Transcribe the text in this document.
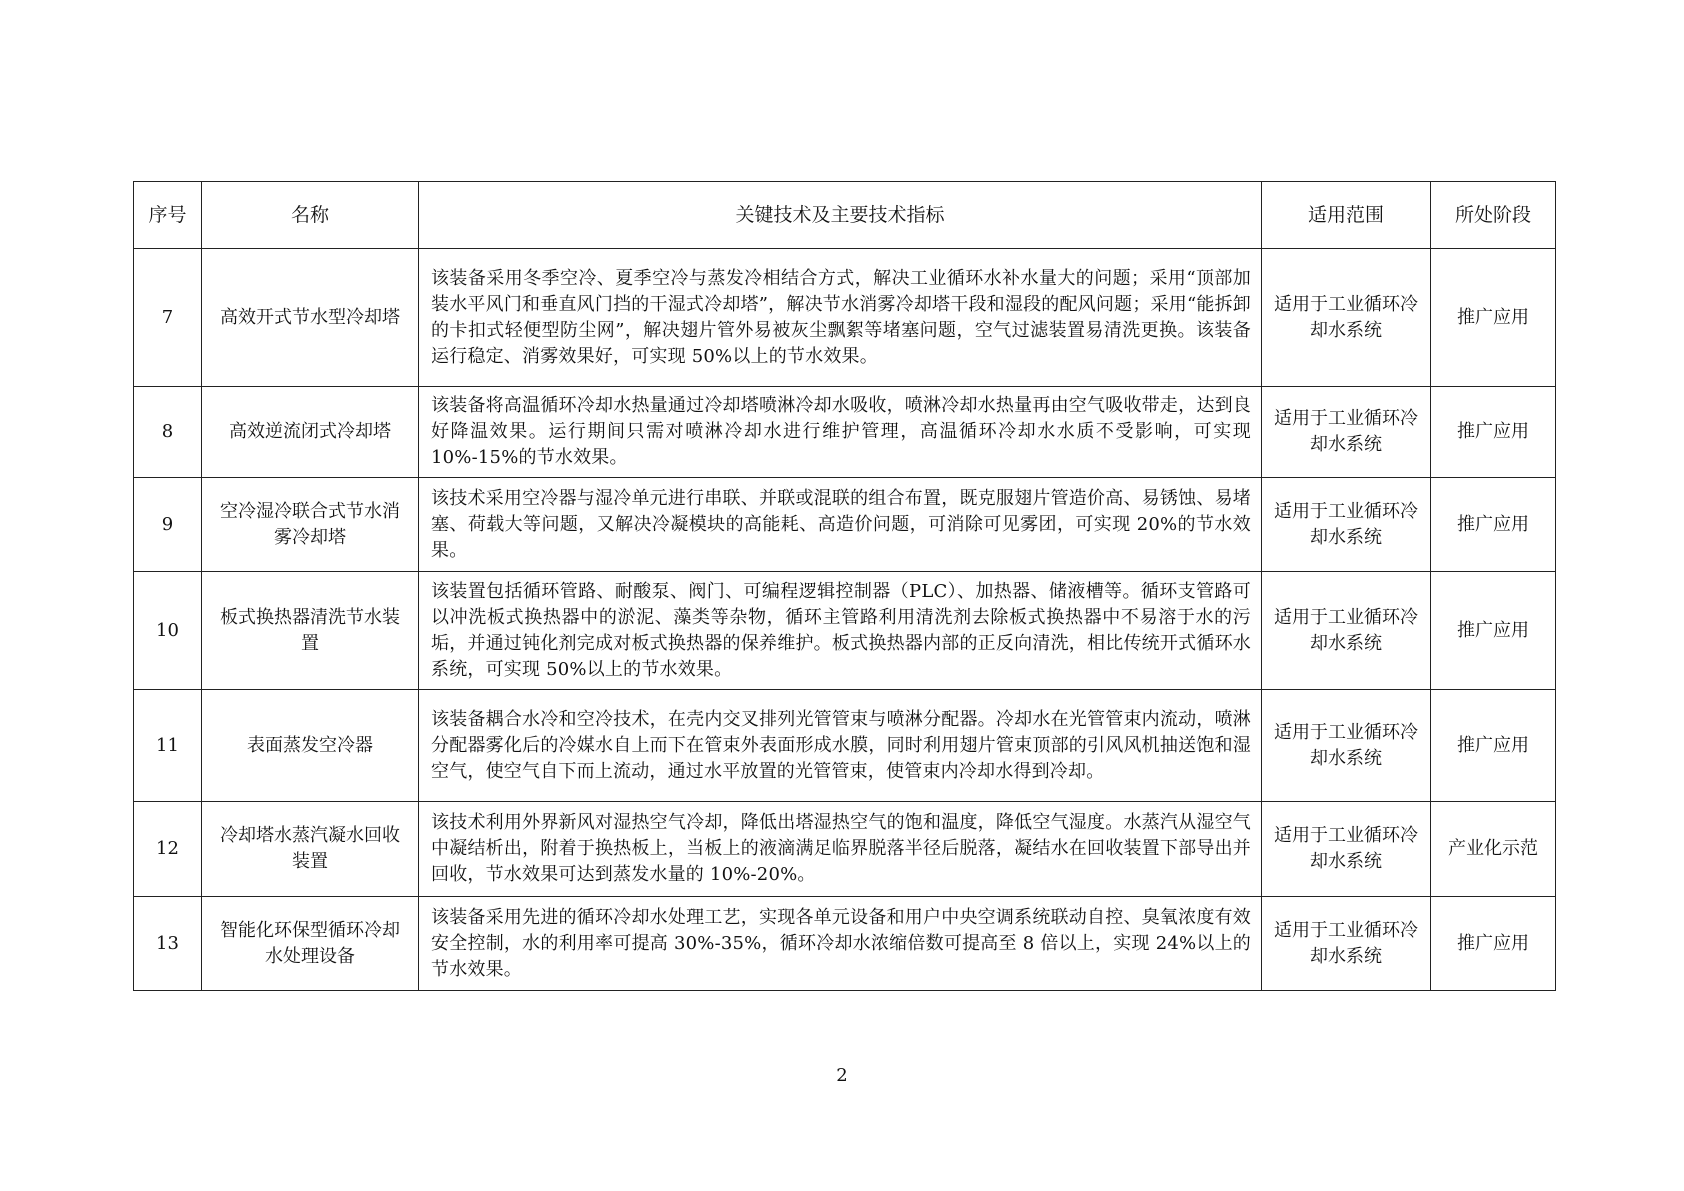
序号	名称	关键技术及主要技术指标	适用范围	所处阶段
7	高效开式节水型冷却塔	该装备采用冬季空冷、夏季空冷与蒸发冷相结合方式，解决工业循环水补水量大的问题；采用“顶部加装水平风门和垂直风门挡的干湿式冷却塔”，解决节水消雾冷却塔干段和湿段的配风问题；采用“能拆卸的卡扣式轻便型防尘网”，解决翅片管外易被灰尘飘絮等堵塞问题，空气过滤装置易清洗更换。该装备运行稳定、消雾效果好，可实现 50%以上的节水效果。	适用于工业循环冷却水系统	推广应用
8	高效逆流闭式冷却塔	该装备将高温循环冷却水热量通过冷却塔喷淋冷却水吸收，喷淋冷却水热量再由空气吸收带走，达到良好降温效果。运行期间只需对喷淋冷却水进行维护管理，高温循环冷却水水质不受影响，可实现 10%-15%的节水效果。	适用于工业循环冷却水系统	推广应用
9	空冷湿冷联合式节水消雾冷却塔	该技术采用空冷器与湿冷单元进行串联、并联或混联的组合布置，既克服翅片管造价高、易锈蚀、易堵塞、荷载大等问题，又解决冷凝模块的高能耗、高造价问题，可消除可见雾团，可实现 20%的节水效果。	适用于工业循环冷却水系统	推广应用
10	板式换热器清洗节水装置	该装置包括循环管路、耐酸泵、阀门、可编程逻辑控制器（PLC）、加热器、储液槽等。循环支管路可以冲洗板式换热器中的淤泥、藻类等杂物，循环主管路利用清洗剂去除板式换热器中不易溶于水的污垢，并通过钝化剂完成对板式换热器的保养维护。板式换热器内部的正反向清洗，相比传统开式循环水系统，可实现 50%以上的节水效果。	适用于工业循环冷却水系统	推广应用
11	表面蒸发空冷器	该装备耦合水冷和空冷技术，在壳内交叉排列光管管束与喷淋分配器。冷却水在光管管束内流动，喷淋分配器雾化后的冷媒水自上而下在管束外表面形成水膜，同时利用翅片管束顶部的引风风机抽送饱和湿空气，使空气自下而上流动，通过水平放置的光管管束，使管束内冷却水得到冷却。	适用于工业循环冷却水系统	推广应用
12	冷却塔水蒸汽凝水回收装置	该技术利用外界新风对湿热空气冷却，降低出塔湿热空气的饱和温度，降低空气湿度。水蒸汽从湿空气中凝结析出，附着于换热板上，当板上的液滴满足临界脱落半径后脱落，凝结水在回收装置下部导出并回收，节水效果可达到蒸发水量的 10%-20%。	适用于工业循环冷却水系统	产业化示范
13	智能化环保型循环冷却水处理设备	该装备采用先进的循环冷却水处理工艺，实现各单元设备和用户中央空调系统联动自控、臭氧浓度有效安全控制，水的利用率可提高 30%-35%，循环冷却水浓缩倍数可提高至 8 倍以上，实现 24%以上的节水效果。	适用于工业循环冷却水系统	推广应用
2
